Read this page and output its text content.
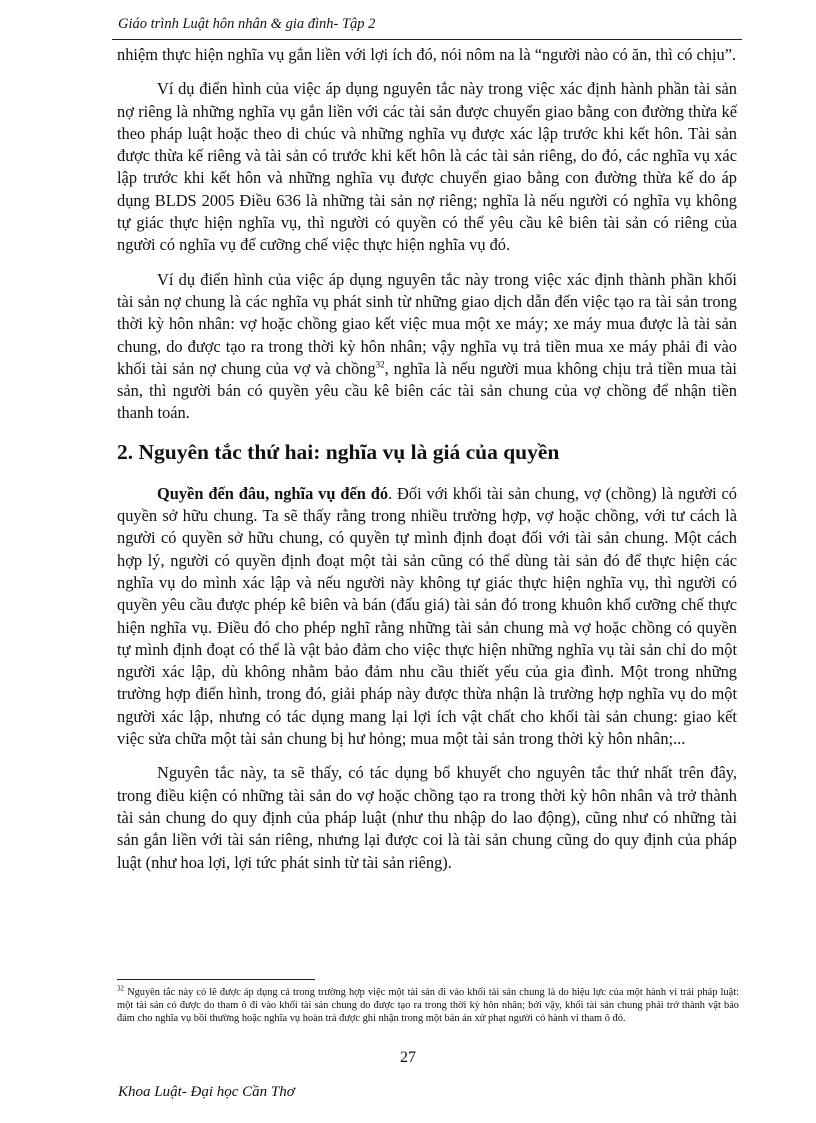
Giáo trình Luật hôn nhân & gia đình- Tập 2

nhiệm thực hiện nghĩa vụ gắn liền với lợi ích đó, nói nôm na là “người nào có ăn, thì có chịu”.

Ví dụ điển hình của việc áp dụng nguyên tắc này trong việc xác định hành phần tài sản nợ riêng là những nghĩa vụ gắn liền với các tài sản được chuyển giao bằng con đường thừa kế theo pháp luật hoặc theo di chúc và những nghĩa vụ được xác lập trước khi kết hôn. Tài sản được thừa kế riêng và tài sản có trước khi kết hôn là các tài sản riêng, do đó, các nghĩa vụ xác lập trước khi kết hôn và những nghĩa vụ được chuyển giao bằng con đường thừa kế do áp dụng BLDS 2005 Điều 636 là những tài sản nợ riêng; nghĩa là nếu người có nghĩa vụ không tự giác thực hiện nghĩa vụ, thì người có quyền có thể yêu cầu kê biên tài sản có riêng của người có nghĩa vụ để cưỡng chế việc thực hiện nghĩa vụ đó.

Ví dụ điển hình của việc áp dụng nguyên tắc này trong việc xác định thành phần khối tài sản nợ chung là các nghĩa vụ phát sinh từ những giao dịch dẫn đến việc tạo ra tài sản trong thời kỳ hôn nhân: vợ hoặc chồng giao kết việc mua một xe máy; xe máy mua được là tài sản chung, do được tạo ra trong thời kỳ hôn nhân; vậy nghĩa vụ trả tiền mua xe máy phải đi vào khối tài sản nợ chung của vợ và chồng$^{32}$, nghĩa là nếu người mua không chịu trả tiền mua tài sản, thì người bán có quyền yêu cầu kê biên các tài sản chung của vợ chồng để nhận tiền thanh toán.

2. Nguyên tắc thứ hai: nghĩa vụ là giá của quyền

Quyền đến đâu, nghĩa vụ đến đó. Đối với khối tài sản chung, vợ (chồng) là người có quyền sở hữu chung. Ta sẽ thấy rằng trong nhiều trường hợp, vợ hoặc chồng, với tư cách là người có quyền sở hữu chung, có quyền tự mình định đoạt đối với tài sản chung. Một cách hợp lý, người có quyền định đoạt một tài sản cũng có thể dùng tài sản đó để thực hiện các nghĩa vụ do mình xác lập và nếu người này không tự giác thực hiện nghĩa vụ, thì người có quyền yêu cầu được phép kê biên và bán (đấu giá) tài sản đó trong khuôn khổ cưỡng chế thực hiện nghĩa vụ. Điều đó cho phép nghĩ rằng những tài sản chung mà vợ hoặc chồng có quyền tự mình định đoạt có thể là vật bảo đảm cho việc thực hiện những nghĩa vụ tài sản chỉ do một người xác lập, dù không nhằm bảo đảm nhu cầu thiết yếu của gia đình. Một trong những trường hợp điển hình, trong đó, giải pháp này được thừa nhận là trường hợp nghĩa vụ do một người xác lập, nhưng có tác dụng mang lại lợi ích vật chất cho khối tài sản chung: giao kết việc sửa chữa một tài sản chung bị hư hỏng; mua một tài sản trong thời kỳ hôn nhân;...

Nguyên tắc này, ta sẽ thấy, có tác dụng bổ khuyết cho nguyên tắc thứ nhất trên đây, trong điều kiện có những tài sản do vợ hoặc chồng tạo ra trong thời kỳ hôn nhân và trở thành tài sản chung do quy định của pháp luật (như thu nhập do lao động), cũng như có những tài sản gắn liền với tài sản riêng, nhưng lại được coi là tài sản chung cũng do quy định của pháp luật (như hoa lợi, lợi tức phát sinh từ tài sản riêng).

$^{32}$ Nguyên tắc này có lẽ được áp dụng cả trong trường hợp việc một tài sản đi vào khối tài sản chung là do hiệu lực của một hành vi trái pháp luật: một tài sản có được do tham ô đi vào khối tài sản chung do được tạo ra trong thời kỳ hôn nhân; bởi vậy, khối tài sản chung phải trở thành vật bảo đảm cho nghĩa vụ bồi thường hoặc nghĩa vụ hoàn trả được ghi nhận trong một bản án xử phạt người có hành vi tham ô đó.
27
Khoa Luật- Đại học Cần Thơ
